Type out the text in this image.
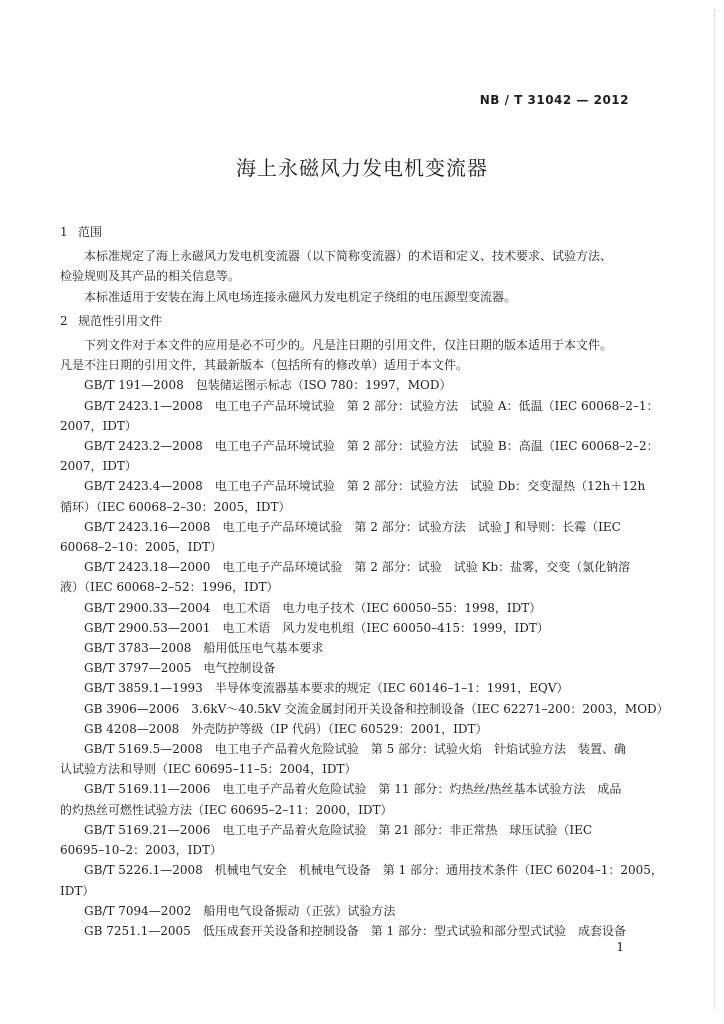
NB / T 31042 — 2012
海上永磁风力发电机变流器
1 范围
本标准规定了海上永磁风力发电机变流器（以下简称变流器）的术语和定义、技术要求、试验方法、
检验规则及其产品的相关信息等。
本标准适用于安装在海上风电场连接永磁风力发电机定子绕组的电压源型变流器。
2 规范性引用文件
下列文件对于本文件的应用是必不可少的。凡是注日期的引用文件，仅注日期的版本适用于本文件。
凡是不注日期的引用文件，其最新版本（包括所有的修改单）适用于本文件。
GB/T 191—2008　包装储运图示标志（ISO 780：1997，MOD）
GB/T 2423.1—2008　电工电子产品环境试验　第 2 部分：试验方法　试验 A：低温（IEC 60068–2–1：
2007，IDT）
GB/T 2423.2—2008　电工电子产品环境试验　第 2 部分：试验方法　试验 B：高温（IEC 60068–2–2：
2007，IDT）
GB/T 2423.4—2008　电工电子产品环境试验　第 2 部分：试验方法　试验 Db：交变湿热（12h＋12h
循环）（IEC 60068–2–30：2005，IDT）
GB/T 2423.16—2008　电工电子产品环境试验　第 2 部分：试验方法　试验 J 和导则：长霉（IEC
60068–2–10：2005，IDT）
GB/T 2423.18—2000　电工电子产品环境试验　第 2 部分：试验　试验 Kb：盐雾，交变（氯化钠溶
液）（IEC 60068–2–52：1996，IDT）
GB/T 2900.33—2004　电工术语　电力电子技术（IEC 60050–55：1998，IDT）
GB/T 2900.53—2001　电工术语　风力发电机组（IEC 60050–415：1999，IDT）
GB/T 3783—2008　船用低压电气基本要求
GB/T 3797—2005　电气控制设备
GB/T 3859.1—1993　半导体变流器基本要求的规定（IEC 60146–1–1：1991，EQV）
GB 3906—2006　3.6kV～40.5kV 交流金属封闭开关设备和控制设备（IEC 62271–200：2003，MOD）
GB 4208—2008　外壳防护等级（IP 代码）（IEC 60529：2001，IDT）
GB/T 5169.5—2008　电工电子产品着火危险试验　第 5 部分：试验火焰　针焰试验方法　装置、确
认试验方法和导则（IEC 60695–11–5：2004，IDT）
GB/T 5169.11—2006　电工电子产品着火危险试验　第 11 部分：灼热丝/热丝基本试验方法　成品
的灼热丝可燃性试验方法（IEC 60695–2–11：2000，IDT）
GB/T 5169.21—2006　电工电子产品着火危险试验　第 21 部分：非正常热　球压试验（IEC
60695–10–2：2003，IDT）
GB/T 5226.1—2008　机械电气安全　机械电气设备　第 1 部分：通用技术条件（IEC 60204–1：2005，
IDT）
GB/T 7094—2002　船用电气设备振动（正弦）试验方法
GB 7251.1—2005　低压成套开关设备和控制设备　第 1 部分：型式试验和部分型式试验　成套设备
1
